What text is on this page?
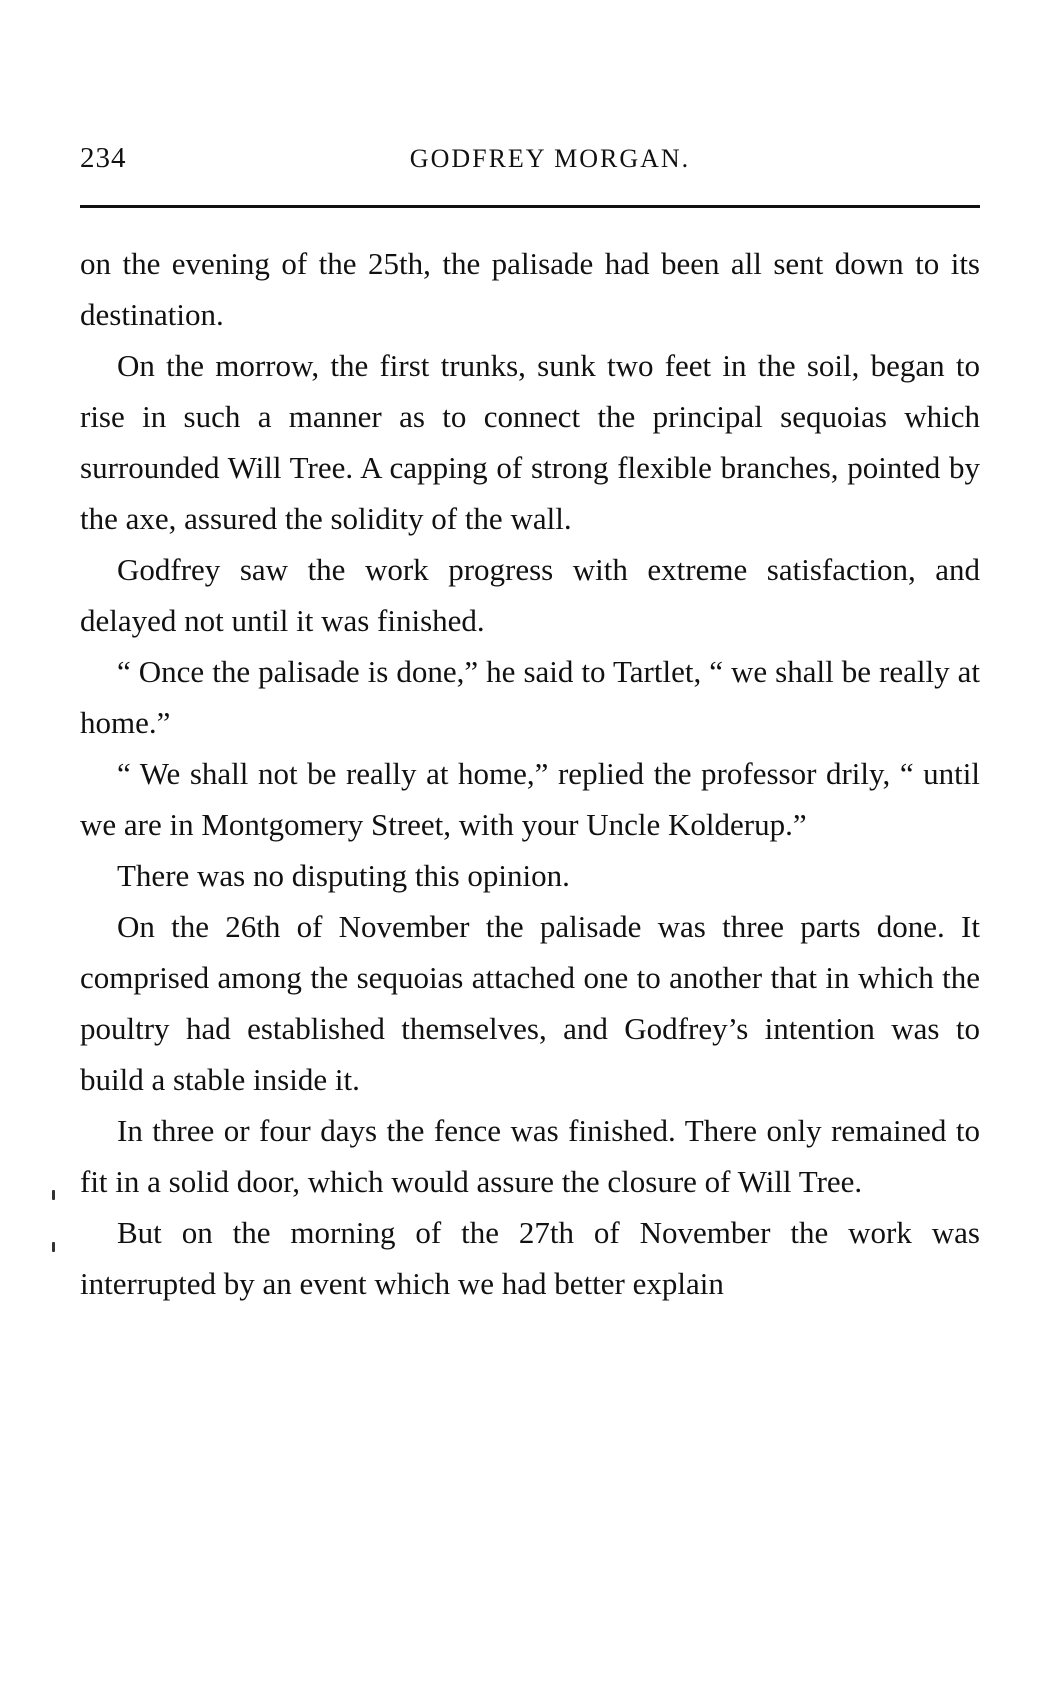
234	GODFREY MORGAN.

on the evening of the 25th, the palisade had been all sent down to its destination.

On the morrow, the first trunks, sunk two feet in the soil, began to rise in such a manner as to connect the principal sequoias which surrounded Will Tree. A capping of strong flexible branches, pointed by the axe, assured the solidity of the wall.

Godfrey saw the work progress with extreme satisfaction, and delayed not until it was finished.

“ Once the palisade is done,” he said to Tartlet, “ we shall be really at home.”

“ We shall not be really at home,” replied the professor drily, “ until we are in Montgomery Street, with your Uncle Kolderup.”

There was no disputing this opinion.

On the 26th of November the palisade was three parts done. It comprised among the sequoias attached one to another that in which the poultry had established themselves, and Godfrey’s intention was to build a stable inside it.

In three or four days the fence was finished. There only remained to fit in a solid door, which would assure the closure of Will Tree.

But on the morning of the 27th of November the work was interrupted by an event which we had better explain
